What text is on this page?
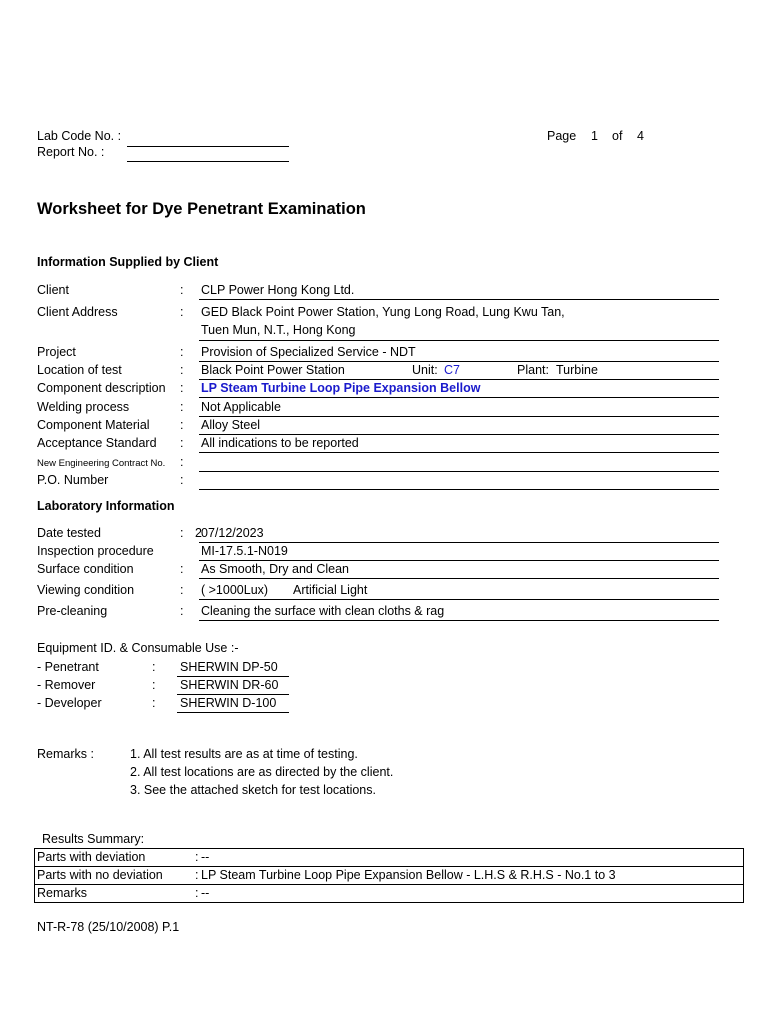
Lab Code No. :
Report No. :
Page 1 of 4
Worksheet for Dye Penetrant Examination
Information Supplied by Client
Client	: CLP Power Hong Kong Ltd.
Client Address	: GED Black Point Power Station, Yung Long Road, Lung Kwu Tan,
Tuen Mun, N.T., Hong Kong
Project	: Provision of Specialized Service - NDT
Location of test	: Black Point Power Station	Unit: C7	Plant: Turbine
Component description : LP Steam Turbine Loop Pipe Expansion Bellow
Welding process	: Not Applicable
Component Material : Alloy Steel
Acceptance Standard : All indications to be reported
New Engineering Contract No. :
P.O. Number	:
Laboratory Information
Date tested	: 2 07/12/2023
Inspection procedure	MI-17.5.1-N019
Surface condition	: As Smooth, Dry and Clean
Viewing condition	: ( >1000Lux) Artificial Light
Pre-cleaning	: Cleaning the surface with clean cloths & rag
Equipment ID. & Consumable Use :-
- Penetrant	: SHERWIN DP-50
- Remover	: SHERWIN DR-60
- Developer	: SHERWIN D-100
Remarks :	1. All test results are as at time of testing.
2. All test locations are as directed by the client.
3. See the attached sketch for test locations.
Results Summary:
Parts with deviation	:	--
Parts with no deviation	:	LP Steam Turbine Loop Pipe Expansion Bellow - L.H.S & R.H.S - No.1 to 3
Remarks	:	--
NT-R-78 (25/10/2008) P.1
